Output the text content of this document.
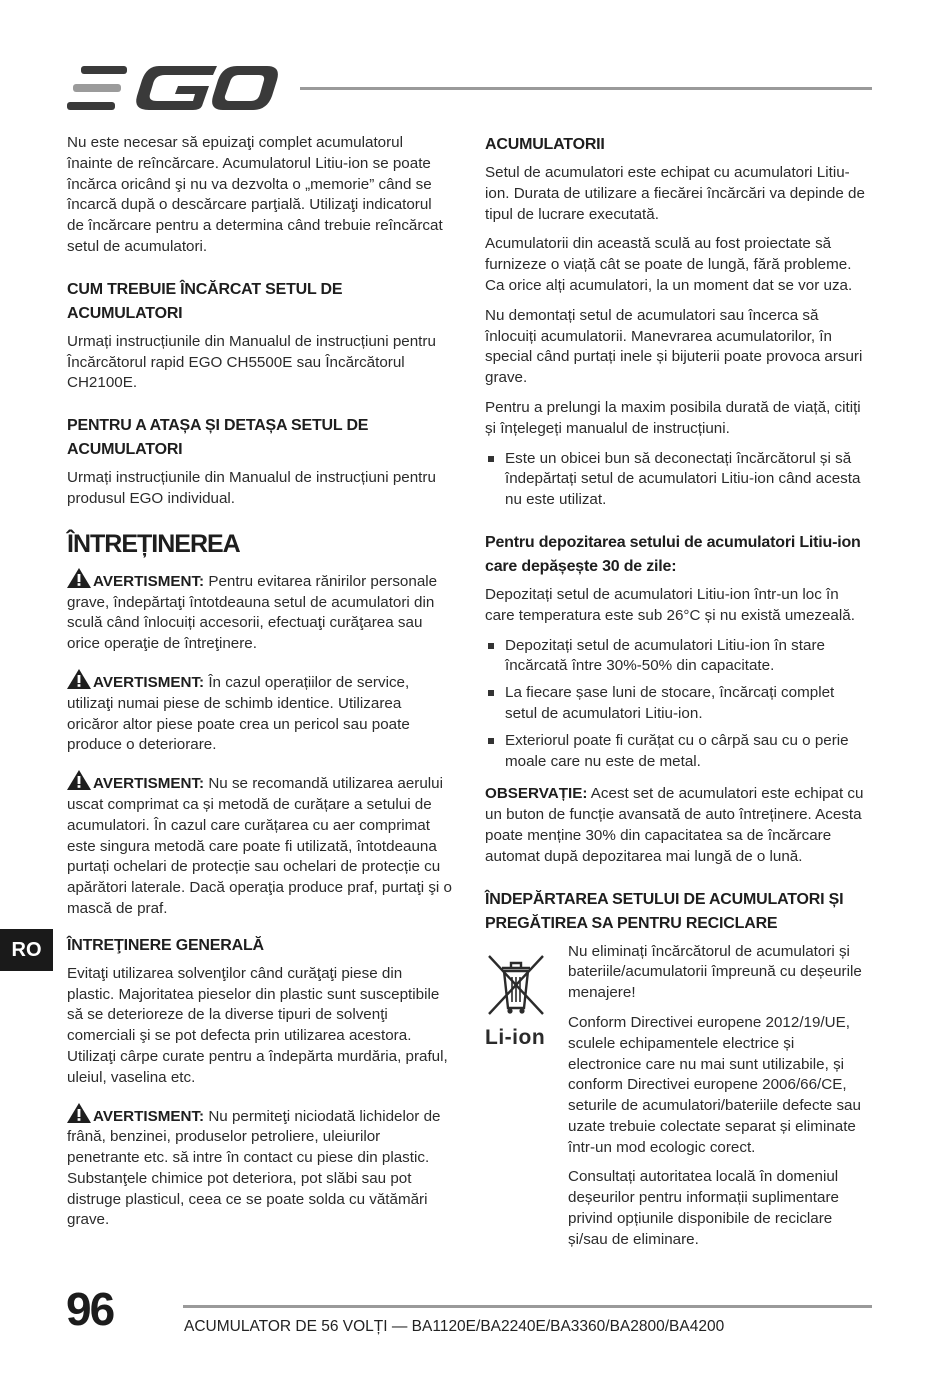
Nu este necesar să epuizaţi complet acumulatorul înainte de reîncărcare. Acumulatorul Litiu-ion se poate încărca oricând şi nu va dezvolta o „memorie” când se încarcă după o descărcare parţială. Utilizaţi indicatorul de încărcare pentru a determina când trebuie reîncărcat setul de acumulatori.

CUM TREBUIE ÎNCĂRCAT SETUL DE ACUMULATORI

Urmați instrucțiunile din Manualul de instrucțiuni pentru Încărcătorul rapid EGO CH5500E sau Încărcătorul CH2100E.

PENTRU A ATAȘA ȘI DETAȘA SETUL DE ACUMULATORI

Urmați instrucțiunile din Manualul de instrucțiuni pentru produsul EGO individual.

ÎNTREȚINEREA

AVERTISMENT: Pentru evitarea rănirilor personale grave, îndepărtaţi întotdeauna setul de acumulatori din sculă când înlocuiți accesorii, efectuaţi curăţarea sau orice operaţie de întreţinere.

AVERTISMENT: În cazul operațiilor de service, utilizaţi numai piese de schimb identice. Utilizarea oricăror altor piese poate crea un pericol sau poate produce o deteriorare.

AVERTISMENT: Nu se recomandă utilizarea aerului uscat comprimat ca și metodă de curățare a setului de acumulatori. În cazul care curățarea cu aer comprimat este singura metodă care poate fi utilizată, întotdeauna purtați ochelari de protecție sau ochelari de protecție cu apărători laterale. Dacă operaţia produce praf, purtaţi şi o mască de praf.

ÎNTREŢINERE GENERALĂ

Evitaţi utilizarea solvenţilor când curăţaţi piese din plastic. Majoritatea pieselor din plastic sunt susceptibile să se deterioreze de la diverse tipuri de solvenţi comerciali şi se pot defecta prin utilizarea acestora. Utilizaţi cârpe curate pentru a îndepărta murdăria, praful, uleiul, vaselina etc.

AVERTISMENT: Nu permiteţi niciodată lichidelor de frână, benzinei, produselor petroliere, uleiurilor penetrante etc. să intre în contact cu piese din plastic. Substanţele chimice pot deteriora, pot slăbi sau pot distruge plasticul, ceea ce se poate solda cu vătămări grave.

ACUMULATORII

Setul de acumulatori este echipat cu acumulatori Litiu-ion. Durata de utilizare a fiecărei încărcări va depinde de tipul de lucrare executată.

Acumulatorii din această sculă au fost proiectate să furnizeze o viață cât se poate de lungă, fără probleme. Ca orice alți acumulatori, la un moment dat se vor uza.

Nu demontați setul de acumulatori sau încerca să înlocuiți acumulatorii. Manevrarea acumulatorilor, în special când purtați inele și bijuterii poate provoca arsuri grave.

Pentru a prelungi la maxim posibila durată de viață, citiți și înțelegeți manualul de instrucțiuni.

Este un obicei bun să deconectați încărcătorul și să îndepărtați setul de acumulatori Litiu-ion când acesta nu este utilizat.
Pentru depozitarea setului de acumulatori Litiu-ion care depășește 30 de zile:

Depozitați setul de acumulatori Litiu-ion într-un loc în care temperatura este sub 26°C și nu există umezeală.

Depozitați setul de acumulatori Litiu-ion în stare încărcată între 30%-50% din capacitate.
La fiecare șase luni de stocare, încărcați complet setul de acumulatori Litiu-ion.
Exteriorul poate fi curățat cu o cârpă sau cu o perie moale care nu este de metal.

OBSERVAȚIE: Acest set de acumulatori este echipat cu un buton de funcție avansată de auto întreținere. Acesta poate menține 30% din capacitatea sa de încărcare automat după depozitarea mai lungă de o lună.

ÎNDEPĂRTAREA SETULUI DE ACUMULATORI ȘI PREGĂTIREA SA PENTRU RECICLARE
Li-ion

Nu eliminați încărcătorul de acumulatori și bateriile/acumulatorii împreună cu deșeurile menajere!

Conform Directivei europene 2012/19/UE, sculele echipamentele electrice și electronice care nu mai sunt utilizabile, și conform Directivei europene 2006/66/CE, seturile de acumulatori/bateriile defecte sau uzate trebuie colectate separat și eliminate într-un mod ecologic corect.

Consultați autoritatea locală în domeniul deșeurilor pentru informații suplimentare privind opțiunile disponibile de reciclare și/sau de eliminare.

RO
96	ACUMULATOR DE 56 VOLȚI — BA1120E/BA2240E/BA3360/BA2800/BA4200
